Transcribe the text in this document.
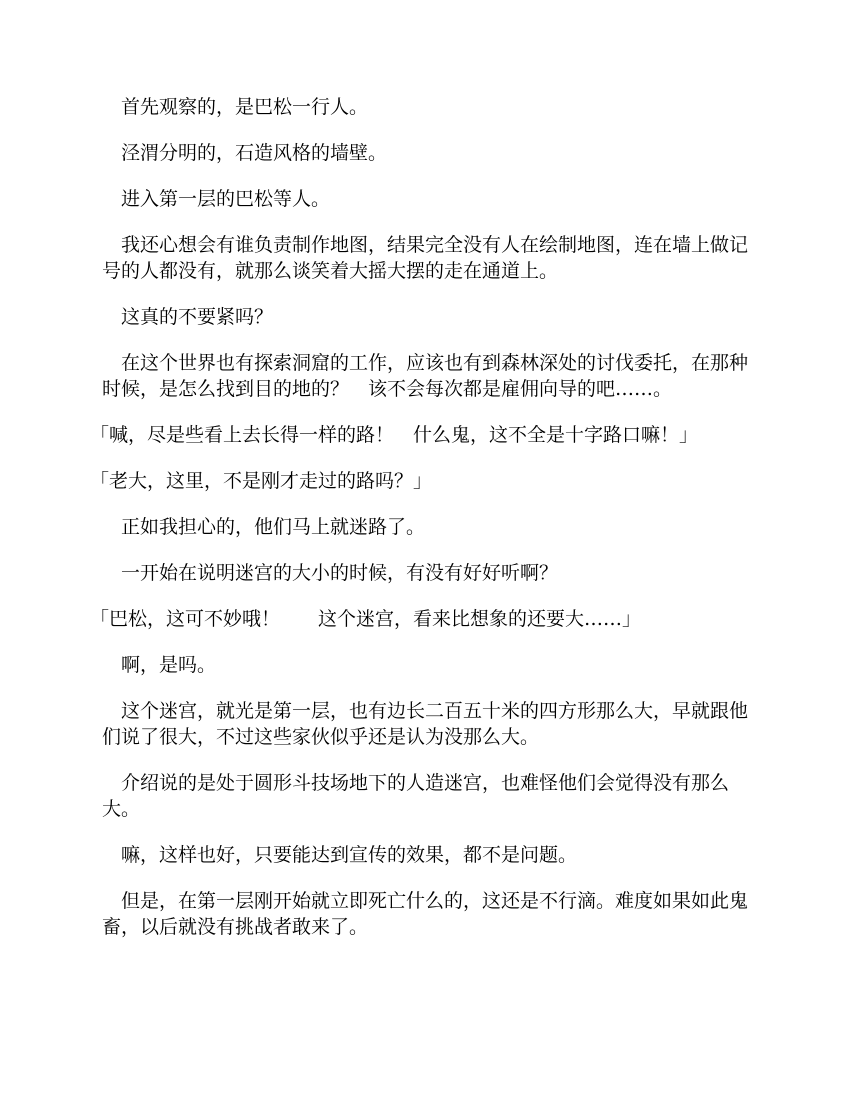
首先观察的，是巴松一行人。

泾渭分明的，石造风格的墙壁。

进入第一层的巴松等人。

我还心想会有谁负责制作地图，结果完全没有人在绘制地图，连在墙上做记号的人都没有，就那么谈笑着大摇大摆的走在通道上。

这真的不要紧吗？

在这个世界也有探索洞窟的工作，应该也有到森林深处的讨伐委托，在那种时候，是怎么找到目的地的？　该不会每次都是雇佣向导的吧……。

「喊，尽是些看上去长得一样的路！　什么鬼，这不全是十字路口嘛！」

「老大，这里，不是刚才走过的路吗？」

正如我担心的，他们马上就迷路了。

一开始在说明迷宫的大小的时候，有没有好好听啊？

「巴松，这可不妙哦！　　这个迷宫，看来比想象的还要大……」

啊，是吗。

这个迷宫，就光是第一层，也有边长二百五十米的四方形那么大，早就跟他们说了很大，不过这些家伙似乎还是认为没那么大。

介绍说的是处于圆形斗技场地下的人造迷宫，也难怪他们会觉得没有那么大。

嘛，这样也好，只要能达到宣传的效果，都不是问题。

但是，在第一层刚开始就立即死亡什么的，这还是不行滴。难度如果如此鬼畜，以后就没有挑战者敢来了。
